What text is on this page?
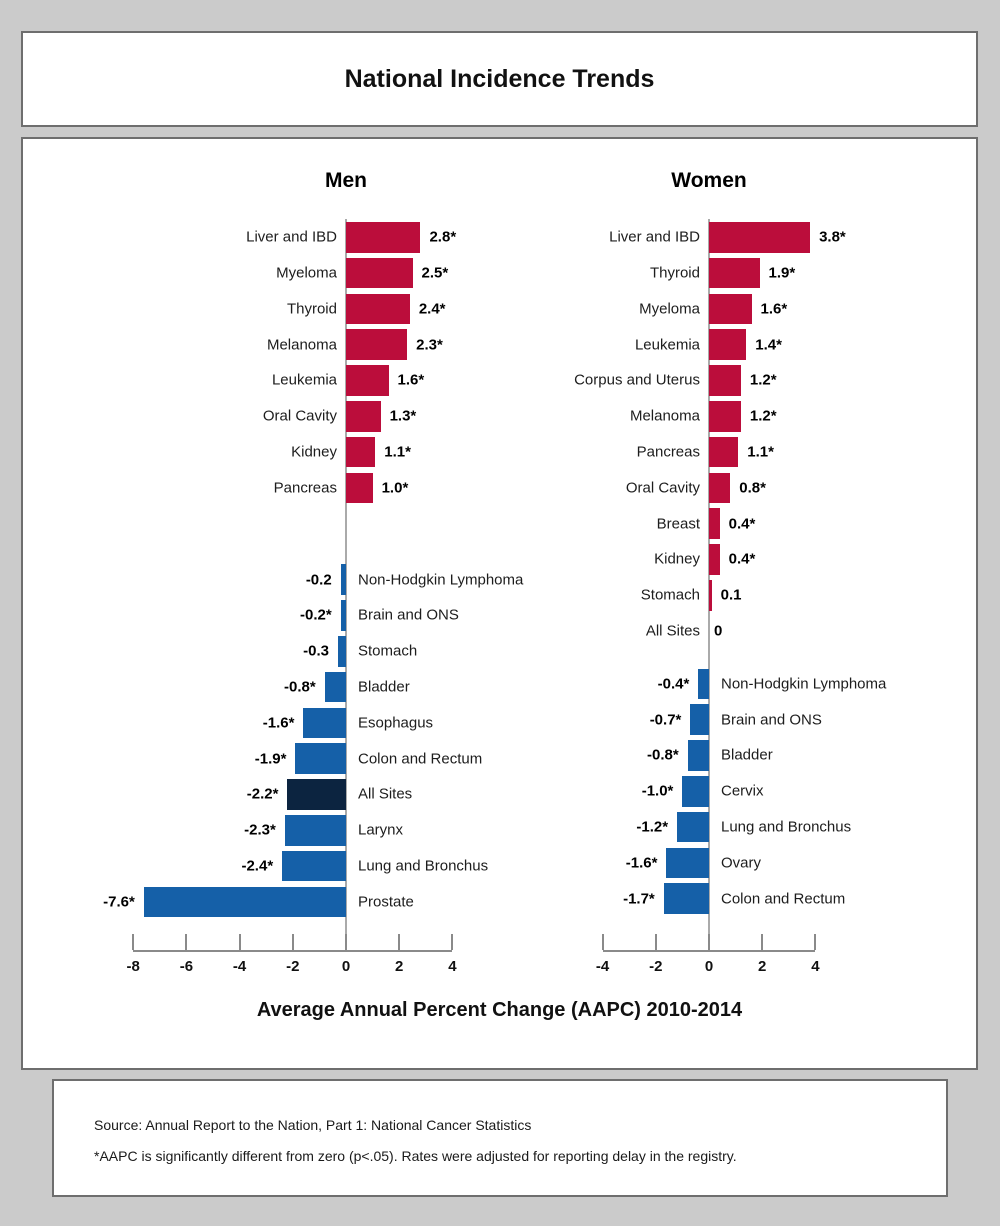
National Incidence Trends
Men	Women
2.8*
Liver and IBD
2.5*
Myeloma
2.4*
Thyroid
2.3*
Melanoma
1.6*
Leukemia
1.3*
Oral Cavity
1.1*
Kidney
1.0*
Pancreas
-0.2 Non-Hodgkin Lymphoma
-0.2* Brain and ONS
-0.3 Stomach
-0.8*	Bladder
-1.6*	Esophagus
-1.9*	Colon and Rectum
-2.2*	All Sites
-2.3*	Larynx
-2.4*	Lung and Bronchus
-7.6*	Prostate
-8	-6	-4	-2	0	2	4
3.8*
Liver and IBD
1.9*
Thyroid
1.6*
Myeloma
1.4*
Leukemia
1.2*
Corpus and Uterus
1.2*
Melanoma
1.1*
Pancreas
0.8*
Oral Cavity
0.4*
Breast
0.4*
Kidney
0.1
Stomach
0
All Sites
-0.4* Non-Hodgkin Lymphoma
-0.7*	Brain and ONS
-0.8*	Bladder
-1.0*	Cervix
-1.2*	Lung and Bronchus
-1.6*	Ovary
-1.7*	Colon and Rectum
-4	-2	0	2	4
Average Annual Percent Change (AAPC) 2010-2014
Source: Annual Report to the Nation, Part 1: National Cancer Statistics
*AAPC is significantly different from zero (p<.05). Rates were adjusted for reporting delay in the registry.
